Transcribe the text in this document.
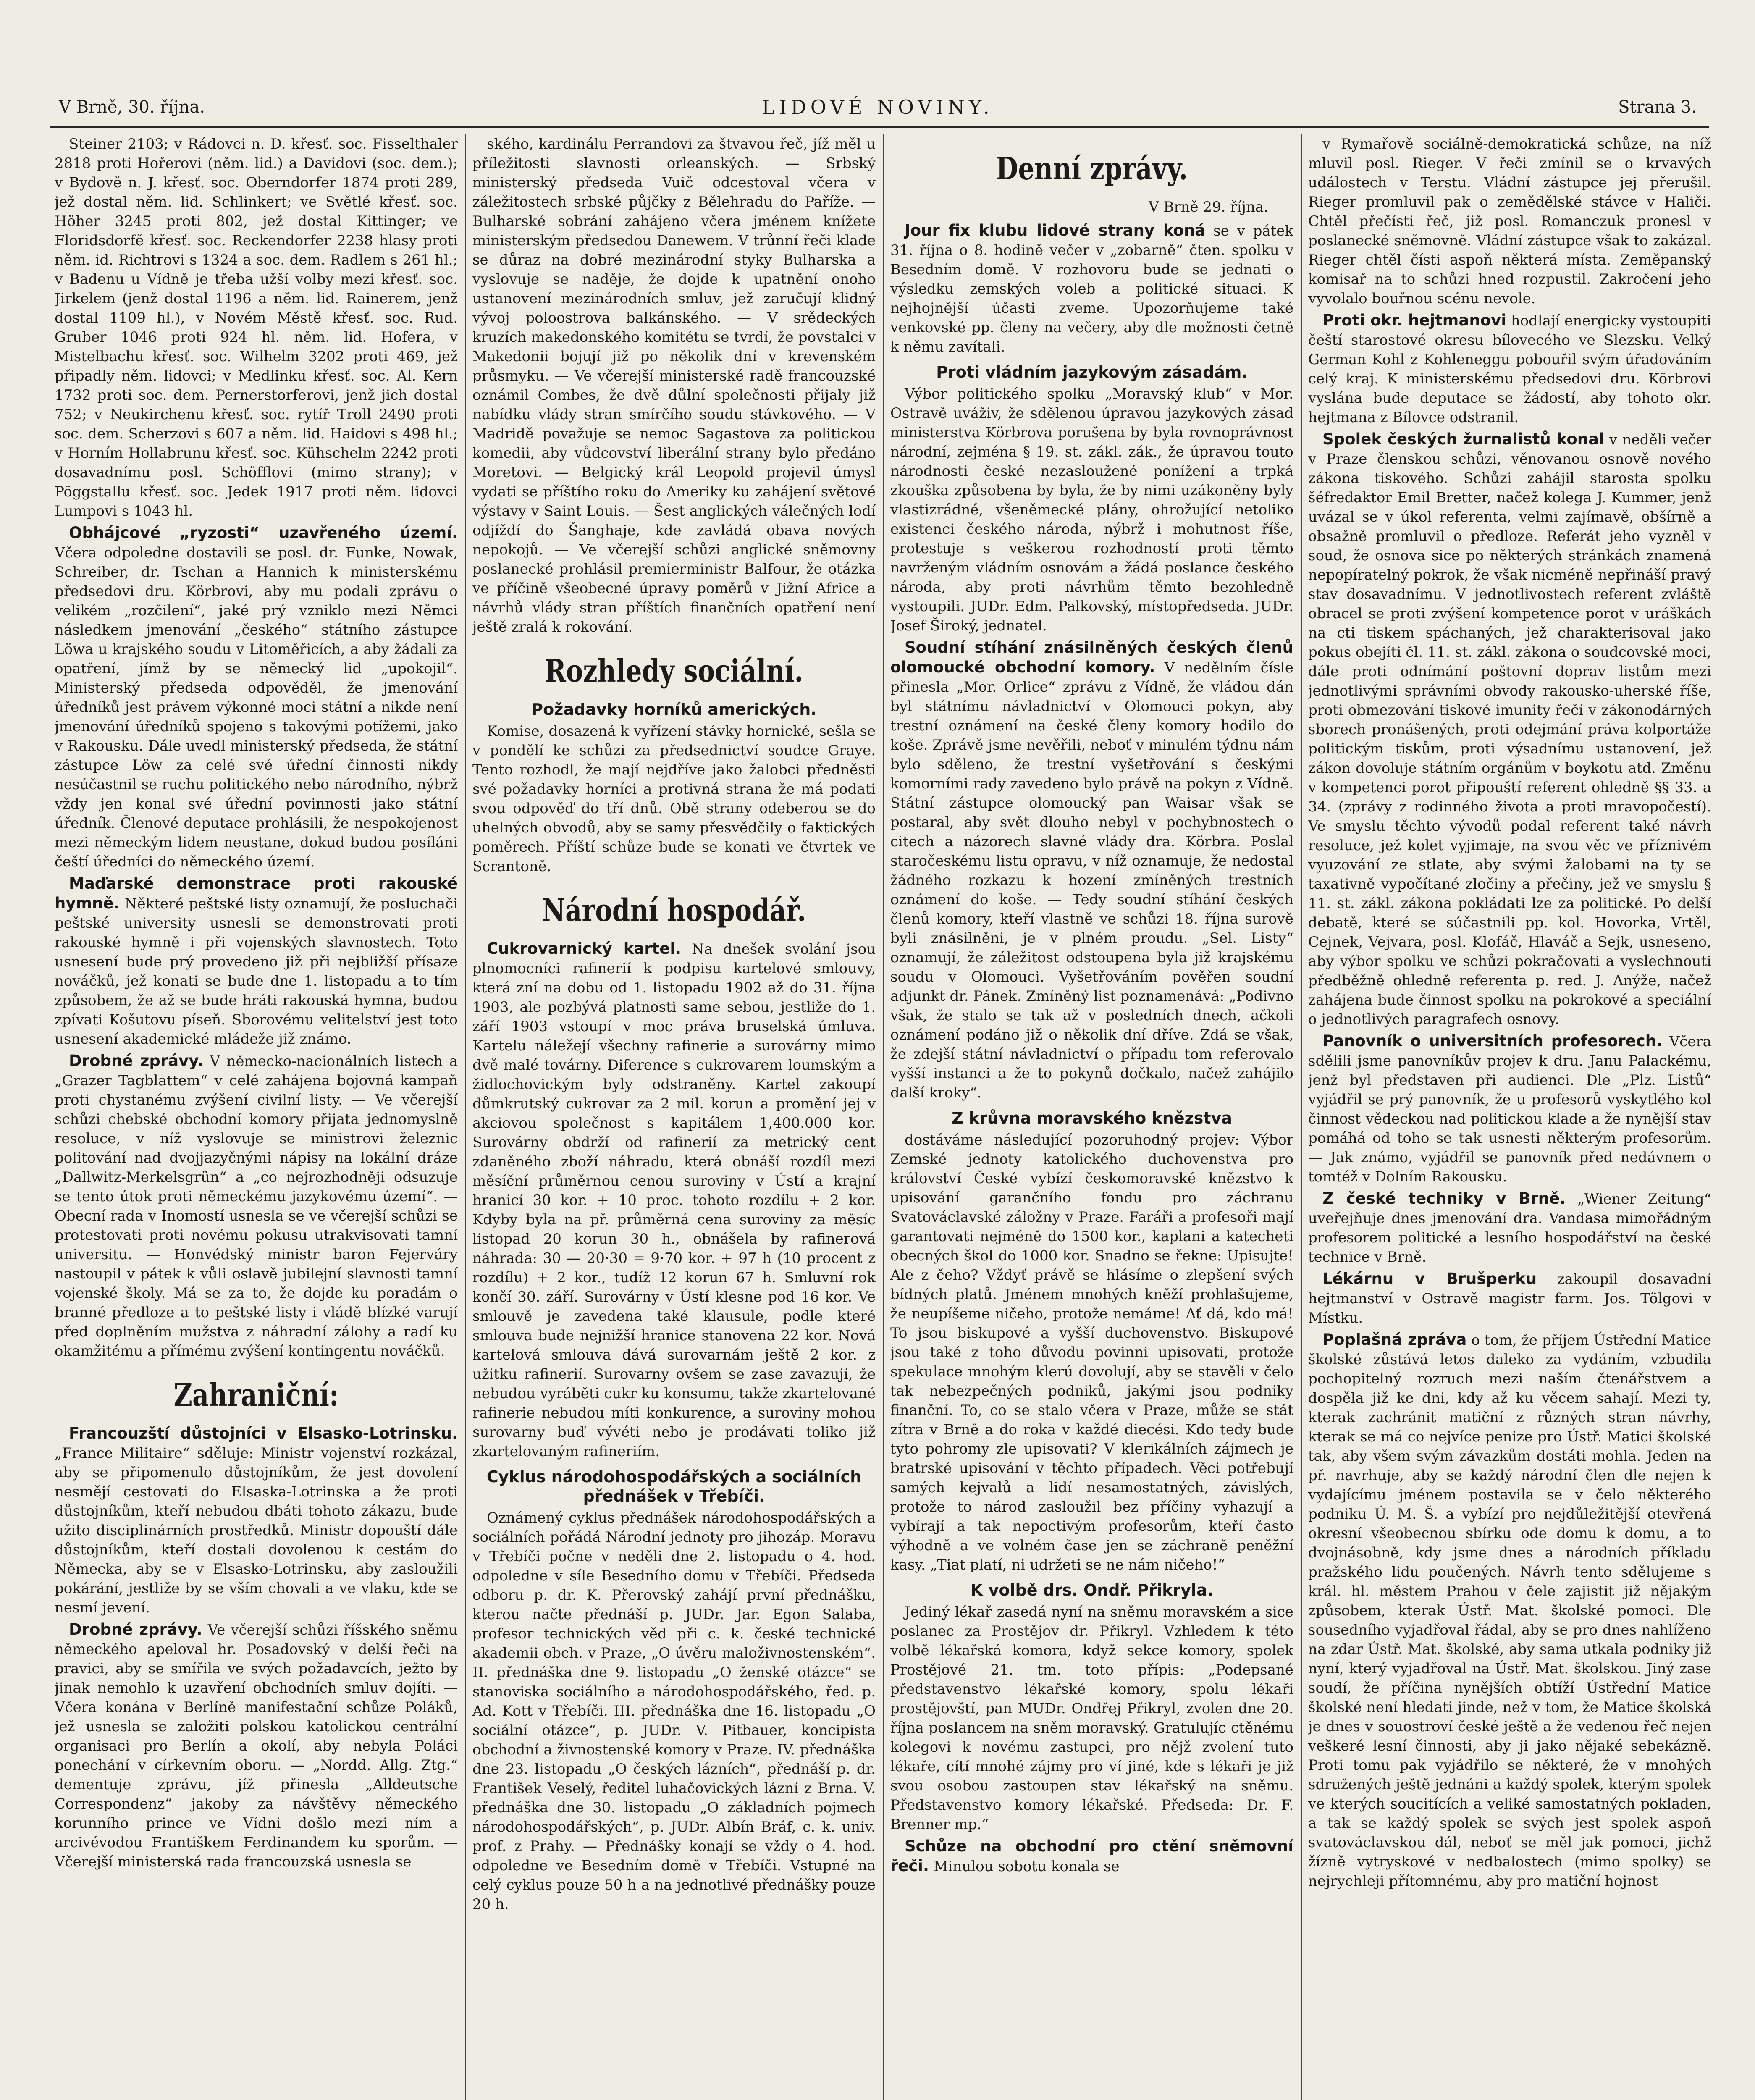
V Brně, 30. října.	LIDOVÉ NOVINY.	Strana 3.

Steiner 2103; v Rádovci n. D. křesť. soc. Fisselthaler 2818 proti Hořerovi (něm. lid.) a Davidovi (soc. dem.); v Bydově n. J. křesť. soc. Oberndorfer 1874 proti 289, jež dostal něm. lid. Schlinkert; ve Světlé křesť. soc. Höher 3245 proti 802, jež dostal Kittinger; ve Floridsdorfě křesť. soc. Reckendorfer 2238 hlasy proti něm. id. Richtrovi s 1324 a soc. dem. Radlem s 261 hl.; v Badenu u Vídně je třeba užší volby mezi křesť. soc. Jirkelem (jenž dostal 1196 a něm. lid. Rainerem, jenž dostal 1109 hl.), v Novém Městě křesť. soc. Rud. Gruber 1046 proti 924 hl. něm. lid. Hofera, v Mistelbachu křesť. soc. Wilhelm 3202 proti 469, jež připadly něm. lidovci; v Medlinku křesť. soc. Al. Kern 1732 proti soc. dem. Pernerstorferovi, jenž jich dostal 752; v Neukirchenu křesť. soc. rytíř Troll 2490 proti soc. dem. Scherzovi s 607 a něm. lid. Haidovi s 498 hl.; v Horním Hollabrunu křesť. soc. Kühschelm 2242 proti dosavadnímu posl. Schöfflovi (mimo strany); v Pöggstallu křesť. soc. Jedek 1917 proti něm. lidovci Lumpovi s 1043 hl.

Obhájcové „ryzosti“ uzavřeného území. Včera odpoledne dostavili se posl. dr. Funke, Nowak, Schreiber, dr. Tschan a Hannich k ministerskému předsedovi dru. Körbrovi, aby mu podali zprávu o velikém „rozčilení“, jaké prý vzniklo mezi Němci následkem jmenování „českého“ státního zástupce Löwa u krajského soudu v Litoměřicích, a aby žádali za opatření, jímž by se německý lid „upokojil“. Ministerský předseda odpověděl, že jmenování úředníků jest právem výkonné moci státní a nikde není jmenování úředníků spojeno s takovými potížemi, jako v Rakousku. Dále uvedl ministerský předseda, že státní zástupce Löw za celé své úřední činnosti nikdy nesúčastnil se ruchu politického nebo národního, nýbrž vždy jen konal své úřední povinnosti jako státní úředník. Členové deputace prohlásili, že nespokojenost mezi německým lidem neustane, dokud budou posíláni čeští úředníci do německého území.

Maďarské demonstrace proti rakouské hymně. Některé peštské listy oznamují, že posluchači peštské university usnesli se demonstrovati proti rakouské hymně i při vojenských slavnostech. Toto usnesení bude prý provedeno již při nejbližší přísaze nováčků, jež konati se bude dne 1. listopadu a to tím způsobem, že až se bude hráti rakouská hymna, budou zpívati Košutovu píseň. Sborovému velitelství jest toto usnesení akademické mládeže již známo.

Drobné zprávy. V německo-nacionálních listech a „Grazer Tagblattem“ v celé zahájena bojovná kampaň proti chystanému zvýšení civilní listy. — Ve včerejší schůzi chebské obchodní komory přijata jednomyslně resoluce, v níž vyslovuje se ministrovi železnic politování nad dvojjazyčnými nápisy na lokální dráze „Dallwitz-Merkelsgrün“ a „co nejrozhodněji odsuzuje se tento útok proti německému jazykovému území“. — Obecní rada v Inomostí usnesla se ve včerejší schůzi se protestovati proti novému pokusu utrakvisovati tamní universitu. — Honvédský ministr baron Fejerváry nastoupil v pátek k vůli oslavě jubilejní slavnosti tamní vojenské školy. Má se za to, že dojde ku poradám o branné předloze a to peštské listy i vládě blízké varují před doplněním mužstva z náhradní zálohy a radí ku okamžitému a přímému zvýšení kontingentu nováčků.

Zahraniční:

Francouzští důstojníci v Elsasko-Lotrinsku. „France Militaire“ sděluje: Ministr vojenství rozkázal, aby se připomenulo důstojníkům, že jest dovolení nesmějí cestovati do Elsaska-Lotrinska a že proti důstojníkům, kteří nebudou dbáti tohoto zákazu, bude užito disciplinárních prostředků. Ministr dopouští dále důstojníkům, kteří dostali dovolenou k cestám do Německa, aby se v Elsasko-Lotrinsku, aby zasloužili pokárání, jestliže by se vším chovali a ve vlaku, kde se nesmí jevení.

Drobné zprávy. Ve včerejší schůzi říšského sněmu německého apeloval hr. Posadovský v delší řeči na pravici, aby se smířila ve svých požadavcích, ježto by jinak nemohlo k uzavření obchodních smluv dojíti. — Včera konána v Berlíně manifestační schůze Poláků, jež usnesla se založiti polskou katolickou centrální organisaci pro Berlín a okolí, aby nebyla Poláci ponechání v církevním oboru. — „Nordd. Allg. Ztg.“ dementuje zprávu, jíž přinesla „Alldeutsche Correspondenz“ jakoby za návštěvy německého korunního prince ve Vídni došlo mezi ním a arcivévodou Františkem Ferdinandem ku sporům. — Včerejší ministerská rada francouzská usnesla se

ského, kardinálu Perrandovi za štvavou řeč, jíž měl u příležitosti slavnosti orleanských. — Srbský ministerský předseda Vuič odcestoval včera v záležitostech srbské půjčky z Bělehradu do Paříže. — Bulharské sobrání zahájeno včera jménem knížete ministerským předsedou Danewem. V trůnní řeči klade se důraz na dobré mezinárodní styky Bulharska a vyslovuje se naděje, že dojde k upatnění onoho ustanovení mezinárodních smluv, jež zaručují klidný vývoj poloostrova balkánského. — V srědeckých kruzích makedonského komitétu se tvrdí, že povstalci v Makedonii bojují již po několik dní v krevenském průsmyku. — Ve včerejší ministerské radě francouzské oznámil Combes, že dvě důlní společnosti přijaly již nabídku vlády stran smírčího soudu stávkového. — V Madridě považuje se nemoc Sagastova za politickou komedii, aby vůdcovství liberální strany bylo předáno Moretovi. — Belgický král Leopold projevil úmysl vydati se příštího roku do Ameriky ku zahájení světové výstavy v Saint Louis. — Šest anglických válečných lodí odjíždí do Šanghaje, kde zavládá obava nových nepokojů. — Ve včerejší schůzi anglické sněmovny poslanecké prohlásil premierministr Balfour, že otázka ve příčině všeobecné úpravy poměrů v Jižní Africe a návrhů vlády stran příštích finančních opatření není ještě zralá k rokování.

Rozhledy sociální.
Požadavky horníků amerických.

Komise, dosazená k vyřízení stávky hornické, sešla se v pondělí ke schůzi za předsednictví soudce Graye. Tento rozhodl, že mají nejdříve jako žalobci předněsti své požadavky horníci a protivná strana že má podati svou odpověď do tří dnů. Obě strany odeberou se do uhelných obvodů, aby se samy přesvědčily o faktických poměrech. Příští schůze bude se konati ve čtvrtek ve Scrantoně.

Národní hospodář.

Cukrovarnický kartel. Na dnešek svolání jsou plnomocníci rafinerií k podpisu kartelové smlouvy, která zní na dobu od 1. listopadu 1902 až do 31. října 1903, ale pozbývá platnosti same sebou, jestliže do 1. září 1903 vstoupí v moc práva bruselská úmluva. Kartelu náležejí všechny rafinerie a surovárny mimo dvě malé továrny. Diference s cukrovarem loumským a židlochovickým byly odstraněny. Kartel zakoupí důmkrutský cukrovar za 2 mil. korun a promění jej v akciovou společnost s kapitálem 1,400.000 kor. Surovárny obdrží od rafinerií za metrický cent zdaněného zboží náhradu, která obnáší rozdíl mezi měsíční průměrnou cenou suroviny v Ústí a krajní hranicí 30 kor. + 10 proc. tohoto rozdílu + 2 kor. Kdyby byla na př. průměrná cena suroviny za měsíc listopad 20 korun 30 h., obnášela by rafinerová náhrada: 30 — 20·30 = 9·70 kor. + 97 h (10 procent z rozdílu) + 2 kor., tudíž 12 korun 67 h. Smluvní rok končí 30. září. Surovárny v Ústí klesne pod 16 kor. Ve smlouvě je zavedena také klausule, podle které smlouva bude nejnižší hranice stanovena 22 kor. Nová kartelová smlouva dává surovarnám ještě 2 kor. z užitku rafinerií. Surovarny ovšem se zase zavazují, že nebudou vyráběti cukr ku konsumu, takže zkartelované rafinerie nebudou míti konkurence, a suroviny mohou surovarny buď vývéti nebo je prodávati toliko již zkartelovaným rafineriím.

Cyklus národohospodářských a sociálních přednášek v Třebíči.

Oznámený cyklus přednášek národohospodářských a sociálních pořádá Národní jednoty pro jihozáp. Moravu v Třebíči počne v neděli dne 2. listopadu o 4. hod. odpoledne v síle Besedního domu v Třebíči. Předseda odboru p. dr. K. Přerovský zahájí první přednášku, kterou načte přednáší p. JUDr. Jar. Egon Salaba, profesor technických věd při c. k. české technické akademii obch. v Praze, „O úvěru maloživnostenském“. II. přednáška dne 9. listopadu „O ženské otázce“ se stanoviska sociálního a národohospodářského, řed. p. Ad. Kott v Třebíči. III. přednáška dne 16. listopadu „O sociální otázce“, p. JUDr. V. Pitbauer, koncipista obchodní a živnostenské komory v Praze. IV. přednáška dne 23. listopadu „O českých lázních“, přednáší p. dr. František Veselý, ředitel luhačovických lázní z Brna. V. přednáška dne 30. listopadu „O základních pojmech národohospodářských“, p. JUDr. Albín Bráf, c. k. univ. prof. z Prahy. — Přednášky konají se vždy o 4. hod. odpoledne ve Besedním domě v Třebíči. Vstupné na celý cyklus pouze 50 h a na jednotlivé přednášky pouze 20 h.

Denní zprávy.
V Brně 29. října.

Jour fix klubu lidové strany koná se v pátek 31. října o 8. hodině večer v „zobarně“ čten. spolku v Besedním domě. V rozhovoru bude se jednati o výsledku zemských voleb a politické situaci. K nejhojnější účasti zveme. Upozorňujeme také venkovské pp. členy na večery, aby dle možnosti četně k němu zavítali.

Proti vládním jazykovým zásadám.

Výbor politického spolku „Moravský klub“ v Mor. Ostravě uváživ, že sdělenou úpravou jazykových zásad ministerstva Körbrova porušena by byla rovnoprávnost národní, zejména § 19. st. zákl. zák., že úpravou touto národnosti české nezasloužené ponížení a trpká zkouška způsobena by byla, že by nimi uzákoněny byly vlastizrádné, všeněmecké plány, ohrožující netoliko existenci českého národa, nýbrž i mohutnost říše, protestuje s veškerou rozhodností proti těmto navrženým vládním osnovám a žádá poslance českého národa, aby proti návrhům těmto bezohledně vystoupili. JUDr. Edm. Palkovský, místopředseda. JUDr. Josef Široký, jednatel.

Soudní stíhání znásilněných českých členů olomoucké obchodní komory. V nedělním čísle přinesla „Mor. Orlice“ zprávu z Vídně, že vládou dán byl státnímu návladnictví v Olomouci pokyn, aby trestní oznámení na české členy komory hodilo do koše. Zprávě jsme nevěřili, neboť v minulém týdnu nám bylo sděleno, že trestní vyšetřování s českými komorními rady zavedeno bylo právě na pokyn z Vídně. Státní zástupce olomoucký pan Waisar však se postaral, aby svět dlouho nebyl v pochybnostech o citech a názorech slavné vlády dra. Körbra. Poslal staročeskému listu opravu, v níž oznamuje, že nedostal žádného rozkazu k hození zmíněných trestních oznámení do koše. — Tedy soudní stíhání českých členů komory, kteří vlastně ve schůzi 18. října surově byli znásilněni, je v plném proudu. „Sel. Listy“ oznamují, že záležitost odstoupena byla již krajskému soudu v Olomouci. Vyšetřováním pověřen soudní adjunkt dr. Pánek. Zmíněný list poznamenává: „Podivno však, že stalo se tak až v posledních dnech, ačkoli oznámení podáno již o několik dní dříve. Zdá se však, že zdejší státní návladnictví o případu tom referovalo vyšší instanci a že to pokynů dočkalo, načež zahájilo další kroky“.

Z krůvna moravského knězstva

dostáváme následující pozoruhodný projev: Výbor Zemské jednoty katolického duchovenstva pro království České vybízí českomoravské knězstvo k upisování garančního fondu pro záchranu Svatováclavské záložny v Praze. Faráři a profesoři mají garantovati nejméně do 1500 kor., kaplani a katecheti obecných škol do 1000 kor. Snadno se řekne: Upisujte! Ale z čeho? Vždyť právě se hlásíme o zlepšení svých bídných platů. Jménem mnohých kněží prohlašujeme, že neupíšeme ničeho, protože nemáme! Ať dá, kdo má! To jsou biskupové a vyšší duchovenstvo. Biskupové jsou také z toho důvodu povinni upisovati, protože spekulace mnohým klerú dovolují, aby se stavěli v čelo tak nebezpečných podniků, jakými jsou podniky finanční. To, co se stalo včera v Praze, může se stát zítra v Brně a do roka v každé diecési. Kdo tedy bude tyto pohromy zle upisovati? V klerikálních zájmech je bratrské upisování v těchto případech. Věci potřebují samých kejvalů a lidí nesamostatných, závislých, protože to národ zasloužil bez příčiny vyhazují a vybírají a tak nepoctivým profesorům, kteří často výhodně a ve volném čase jen se záchraně peněžní kasy. „Tiat platí, ni udržeti se ne nám ničeho!“

K volbě drs. Ondř. Přikryla.

Jediný lékař zasedá nyní na sněmu moravském a sice poslanec za Prostějov dr. Přikryl. Vzhledem k této volbě lékařská komora, když sekce komory, spolek Prostějové 21. tm. toto přípis: „Podepsané představenstvo lékařské komory, spolu lékaři prostějovští, pan MUDr. Ondřej Přikryl, zvolen dne 20. října poslancem na sněm moravský. Gratulujíc ctěnému kolegovi k novému zastupci, pro nějž zvolení tuto lékaře, cítí mnohé zájmy pro ví jiné, kde s lékaři je již svou osobou zastoupen stav lékařský na sněmu. Představenstvo komory lékařské. Předseda: Dr. F. Brenner mp.“

Schůze na obchodní pro ctění sněmovní řeči. Minulou sobotu konala se

v Rymařově sociálně-demokratická schůze, na níž mluvil posl. Rieger. V řeči zmínil se o krvavých událostech v Terstu. Vládní zástupce jej přerušil. Rieger promluvil pak o zemědělské stávce v Haliči. Chtěl přečísti řeč, již posl. Romanczuk pronesl v poslanecké sněmovně. Vládní zástupce však to zakázal. Rieger chtěl čísti aspoň některá místa. Zeměpanský komisař na to schůzi hned rozpustil. Zakročení jeho vyvolalo bouřnou scénu nevole.

Proti okr. hejtmanovi hodlají energicky vystoupiti čeští starostové okresu bílovecého ve Slezsku. Velký German Kohl z Kohleneggu pobouřil svým úřadováním celý kraj. K ministerskému předsedovi dru. Körbrovi vyslána bude deputace se žádostí, aby tohoto okr. hejtmana z Bílovce odstranil.

Spolek českých žurnalistů konal v neděli večer v Praze členskou schůzi, věnovanou osnově nového zákona tiskového. Schůzi zahájil starosta spolku šéfredaktor Emil Bretter, načež kolega J. Kummer, jenž uvázal se v úkol referenta, velmi zajímavě, obšírně a obsažně promluvil o předloze. Referát jeho vyzněl v soud, že osnova sice po některých stránkách znamená nepopíratelný pokrok, že však nicméně nepřináší pravý stav dosavadnímu. V jednotlivostech referent zvláště obracel se proti zvýšení kompetence porot v uráškách na cti tiskem spáchaných, jež charakterisoval jako pokus obejíti čl. 11. st. zákl. zákona o soudcovské moci, dále proti odnímání poštovní doprav listům mezi jednotlivými správními obvody rakousko-uherské říše, proti obmezování tiskové imunity řečí v zákonodárných sborech pronášených, proti odejmání práva kolportáže politickým tiskům, proti výsadnímu ustanovení, jež zákon dovoluje státním orgánům v boykotu atd. Změnu v kompetenci porot připouští referent ohledně §§ 33. a 34. (zprávy z rodinného života a proti mravopočestí). Ve smyslu těchto vývodů podal referent také návrh resoluce, jež kolet vyjimaje, na svou věc ve příznivém vyuzování ze stlate, aby svými žalobami na ty se taxativně vypočítané zločiny a přečiny, jež ve smyslu § 11. st. zákl. zákona pokládati lze za politické. Po delší debatě, které se súčastnili pp. kol. Hovorka, Vrtěl, Cejnek, Vejvara, posl. Klofáč, Hlaváč a Sejk, usneseno, aby výbor spolku ve schůzi pokračovati a vyslechnouti předběžně ohledně referenta p. red. J. Anýže, načež zahájena bude činnost spolku na pokrokové a speciální o jednotlivých paragrafech osnovy.

Panovník o universitních profesorech. Včera sdělili jsme panovníkův projev k dru. Janu Palackému, jenž byl představen při audienci. Dle „Plz. Listů“ vyjádřil se prý panovník, že u profesorů vyskytlého kol činnost vědeckou nad politickou klade a že nynější stav pomáhá od toho se tak usnesti některým profesorům. — Jak známo, vyjádřil se panovník před nedávnem o tomtéž v Dolním Rakousku.

Z české techniky v Brně. „Wiener Zeitung“ uveřejňuje dnes jmenování dra. Vandasa mimořádným profesorem politické a lesního hospodářství na české technice v Brně.

Lékárnu v Brušperku zakoupil dosavadní hejtmanství v Ostravě magistr farm. Jos. Tölgovi v Místku.

Poplašná zpráva o tom, že příjem Ústřední Matice školské zůstává letos daleko za vydáním, vzbudila pochopitelný rozruch mezi naším čtenářstvem a dospěla již ke dni, kdy až ku věcem sahají. Mezi ty, kterak zachránit matiční z různých stran návrhy, kterak se má co nejvíce penize pro Ústř. Matici školské tak, aby všem svým závazkům dostáti mohla. Jeden na př. navrhuje, aby se každý národní člen dle nejen k vydajícímu jménem postavila se v čelo některého podniku Ú. M. Š. a vybízí pro nejdůležitější otevřená okresní všeobecnou sbírku ode domu k domu, a to dvojnásobně, kdy jsme dnes a národních příkladu pražského lidu poučených. Návrh tento sdělujeme s král. hl. městem Prahou v čele zajistit již nějakým způsobem, kterak Ústř. Mat. školské pomoci. Dle sousedního vyjadřoval řádal, aby se pro dnes nahlíženo na zdar Ústř. Mat. školské, aby sama utkala podniky již nyní, který vyjadřoval na Ústř. Mat. školskou. Jiný zase soudí, že příčina nynějších obtíží Ústřední Matice školské není hledati jinde, než v tom, že Matice školská je dnes v souostroví české ještě a že vedenou řeč nejen veškeré lesní činnosti, aby ji jako nějaké sebekázně. Proti tomu pak vyjádřilo se některé, že v mnohých sdružených ještě jednáni a každý spolek, kterým spolek ve kterých soucitících a veliké samostatných pokladen, a tak se každý spolek se svých jest spolek aspoň svatováclavskou dál, neboť se měl jak pomoci, jichž žízně vytryskové v nedbalostech (mimo spolky) se nejrychleji přítomnému, aby pro matiční hojnost
